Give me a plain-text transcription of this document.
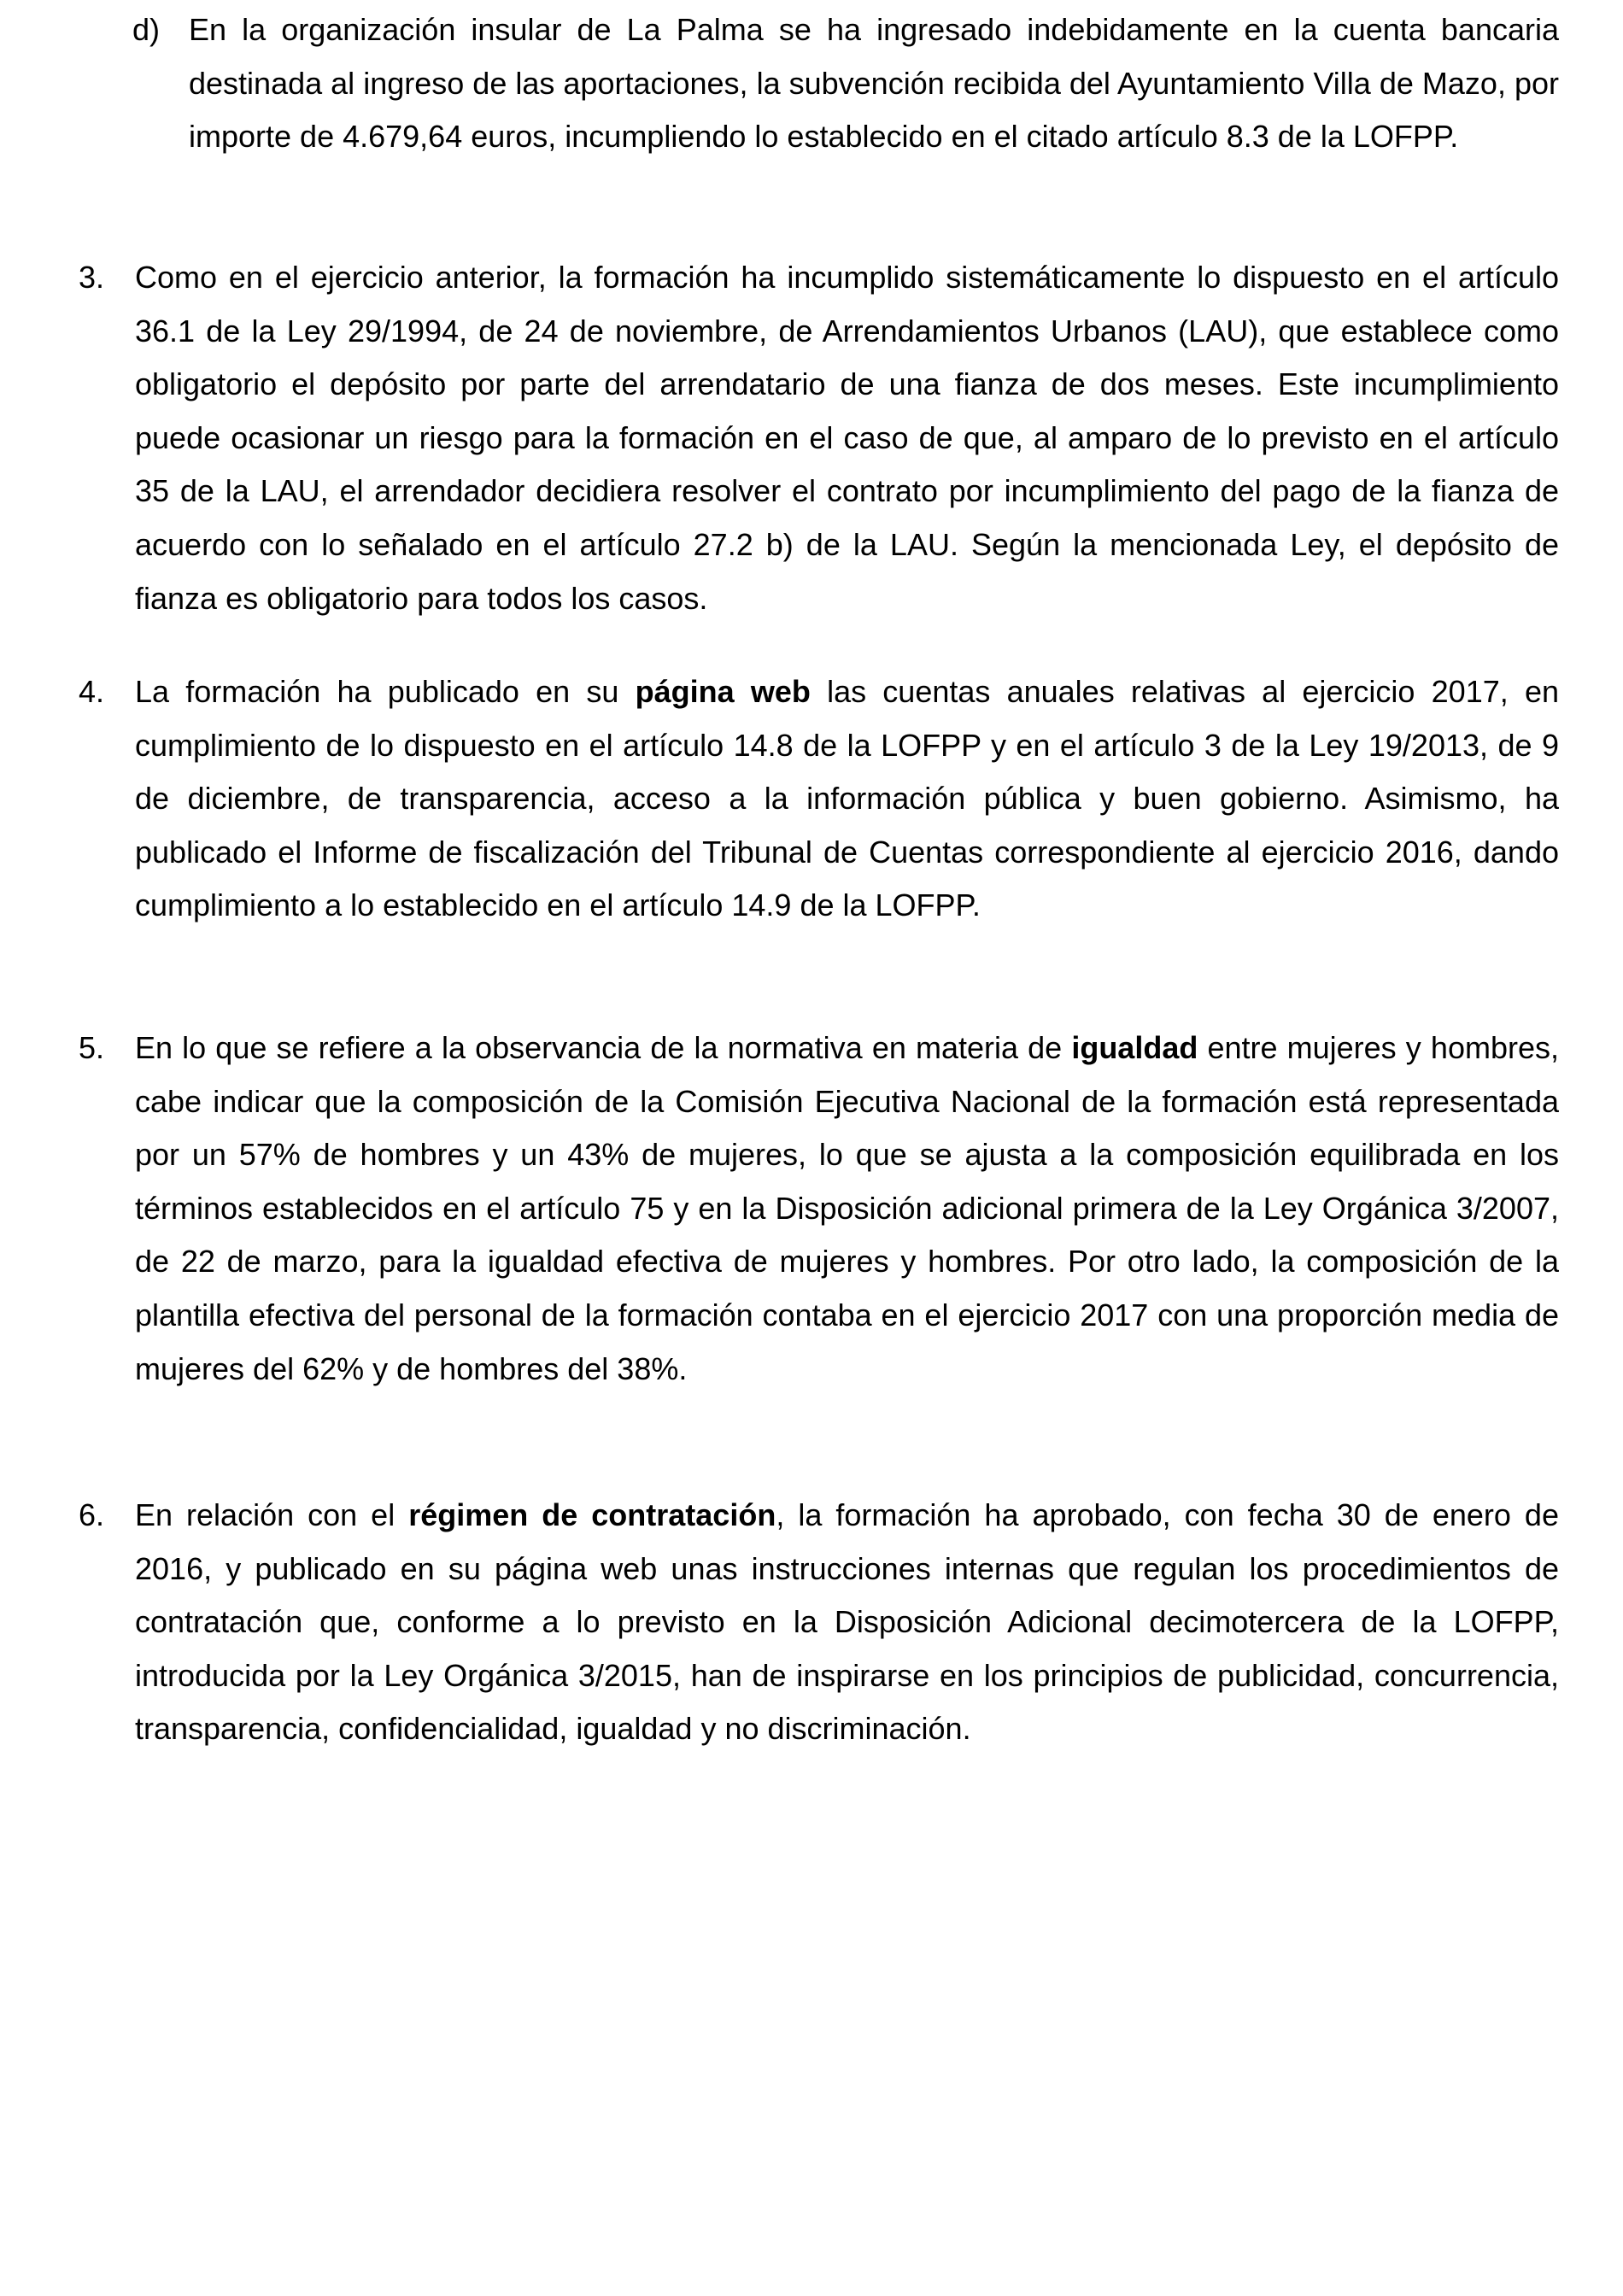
d) En la organización insular de La Palma se ha ingresado indebidamente en la cuenta bancaria destinada al ingreso de las aportaciones, la subvención recibida del Ayuntamiento Villa de Mazo, por importe de 4.679,64 euros, incumpliendo lo establecido en el citado artículo 8.3 de la LOFPP.

3. Como en el ejercicio anterior, la formación ha incumplido sistemáticamente lo dispuesto en el artículo 36.1 de la Ley 29/1994, de 24 de noviembre, de Arrendamientos Urbanos (LAU), que establece como obligatorio el depósito por parte del arrendatario de una fianza de dos meses. Este incumplimiento puede ocasionar un riesgo para la formación en el caso de que, al amparo de lo previsto en el artículo 35 de la LAU, el arrendador decidiera resolver el contrato por incumplimiento del pago de la fianza de acuerdo con lo señalado en el artículo 27.2 b) de la LAU. Según la mencionada Ley, el depósito de fianza es obligatorio para todos los casos.

4. La formación ha publicado en su página web las cuentas anuales relativas al ejercicio 2017, en cumplimiento de lo dispuesto en el artículo 14.8 de la LOFPP y en el artículo 3 de la Ley 19/2013, de 9 de diciembre, de transparencia, acceso a la información pública y buen gobierno. Asimismo, ha publicado el Informe de fiscalización del Tribunal de Cuentas correspondiente al ejercicio 2016, dando cumplimiento a lo establecido en el artículo 14.9 de la LOFPP.

5. En lo que se refiere a la observancia de la normativa en materia de igualdad entre mujeres y hombres, cabe indicar que la composición de la Comisión Ejecutiva Nacional de la formación está representada por un 57% de hombres y un 43% de mujeres, lo que se ajusta a la composición equilibrada en los términos establecidos en el artículo 75 y en la Disposición adicional primera de la Ley Orgánica 3/2007, de 22 de marzo, para la igualdad efectiva de mujeres y hombres. Por otro lado, la composición de la plantilla efectiva del personal de la formación contaba en el ejercicio 2017 con una proporción media de mujeres del 62% y de hombres del 38%.

6. En relación con el régimen de contratación, la formación ha aprobado, con fecha 30 de enero de 2016, y publicado en su página web unas instrucciones internas que regulan los procedimientos de contratación que, conforme a lo previsto en la Disposición Adicional decimotercera de la LOFPP, introducida por la Ley Orgánica 3/2015, han de inspirarse en los principios de publicidad, concurrencia, transparencia, confidencialidad, igualdad y no discriminación.
